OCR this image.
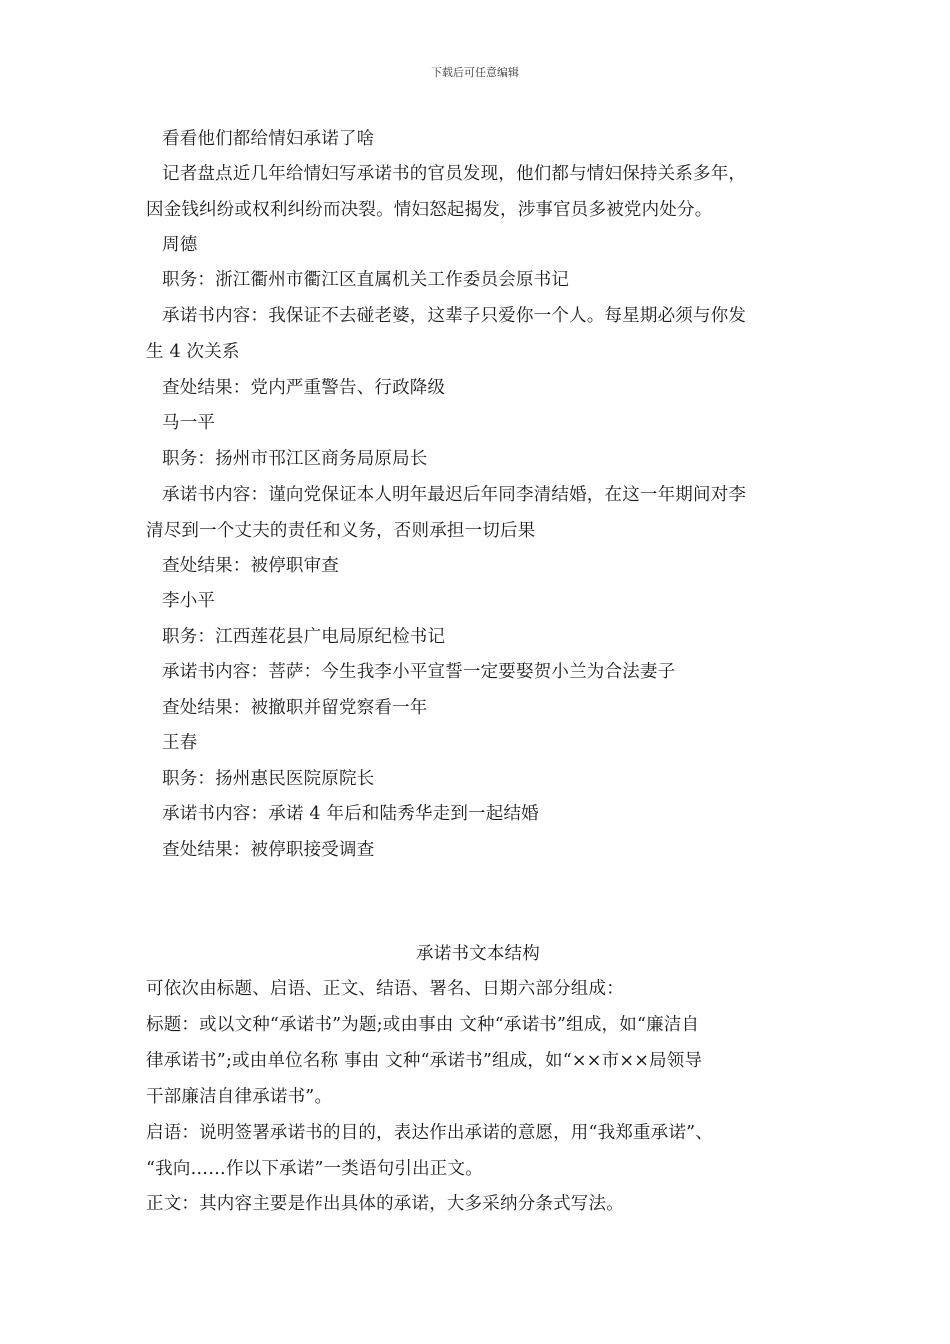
下载后可任意编辑
看看他们都给情妇承诺了啥
记者盘点近几年给情妇写承诺书的官员发现，他们都与情妇保持关系多年，
因金钱纠纷或权利纠纷而决裂。情妇怒起揭发，涉事官员多被党内处分。
周德
职务：浙江衢州市衢江区直属机关工作委员会原书记
承诺书内容：我保证不去碰老婆，这辈子只爱你一个人。每星期必须与你发
生 4 次关系
查处结果：党内严重警告、行政降级
马一平
职务：扬州市邗江区商务局原局长
承诺书内容：谨向党保证本人明年最迟后年同李清结婚，在这一年期间对李
清尽到一个丈夫的责任和义务，否则承担一切后果
查处结果：被停职审查
李小平
职务：江西莲花县广电局原纪检书记
承诺书内容：菩萨：今生我李小平宣誓一定要娶贺小兰为合法妻子
查处结果：被撤职并留党察看一年
王春
职务：扬州惠民医院原院长
承诺书内容：承诺 4 年后和陆秀华走到一起结婚
查处结果：被停职接受调查
承诺书文本结构
可依次由标题、启语、正文、结语、署名、日期六部分组成：
标题：或以文种“承诺书”为题;或由事由 文种“承诺书”组成，如“廉洁自
律承诺书”;或由单位名称 事由 文种“承诺书”组成，如“××市××局领导
干部廉洁自律承诺书”。
启语：说明签署承诺书的目的，表达作出承诺的意愿，用“我郑重承诺”、
“我向……作以下承诺”一类语句引出正文。
正文：其内容主要是作出具体的承诺，大多采纳分条式写法。
